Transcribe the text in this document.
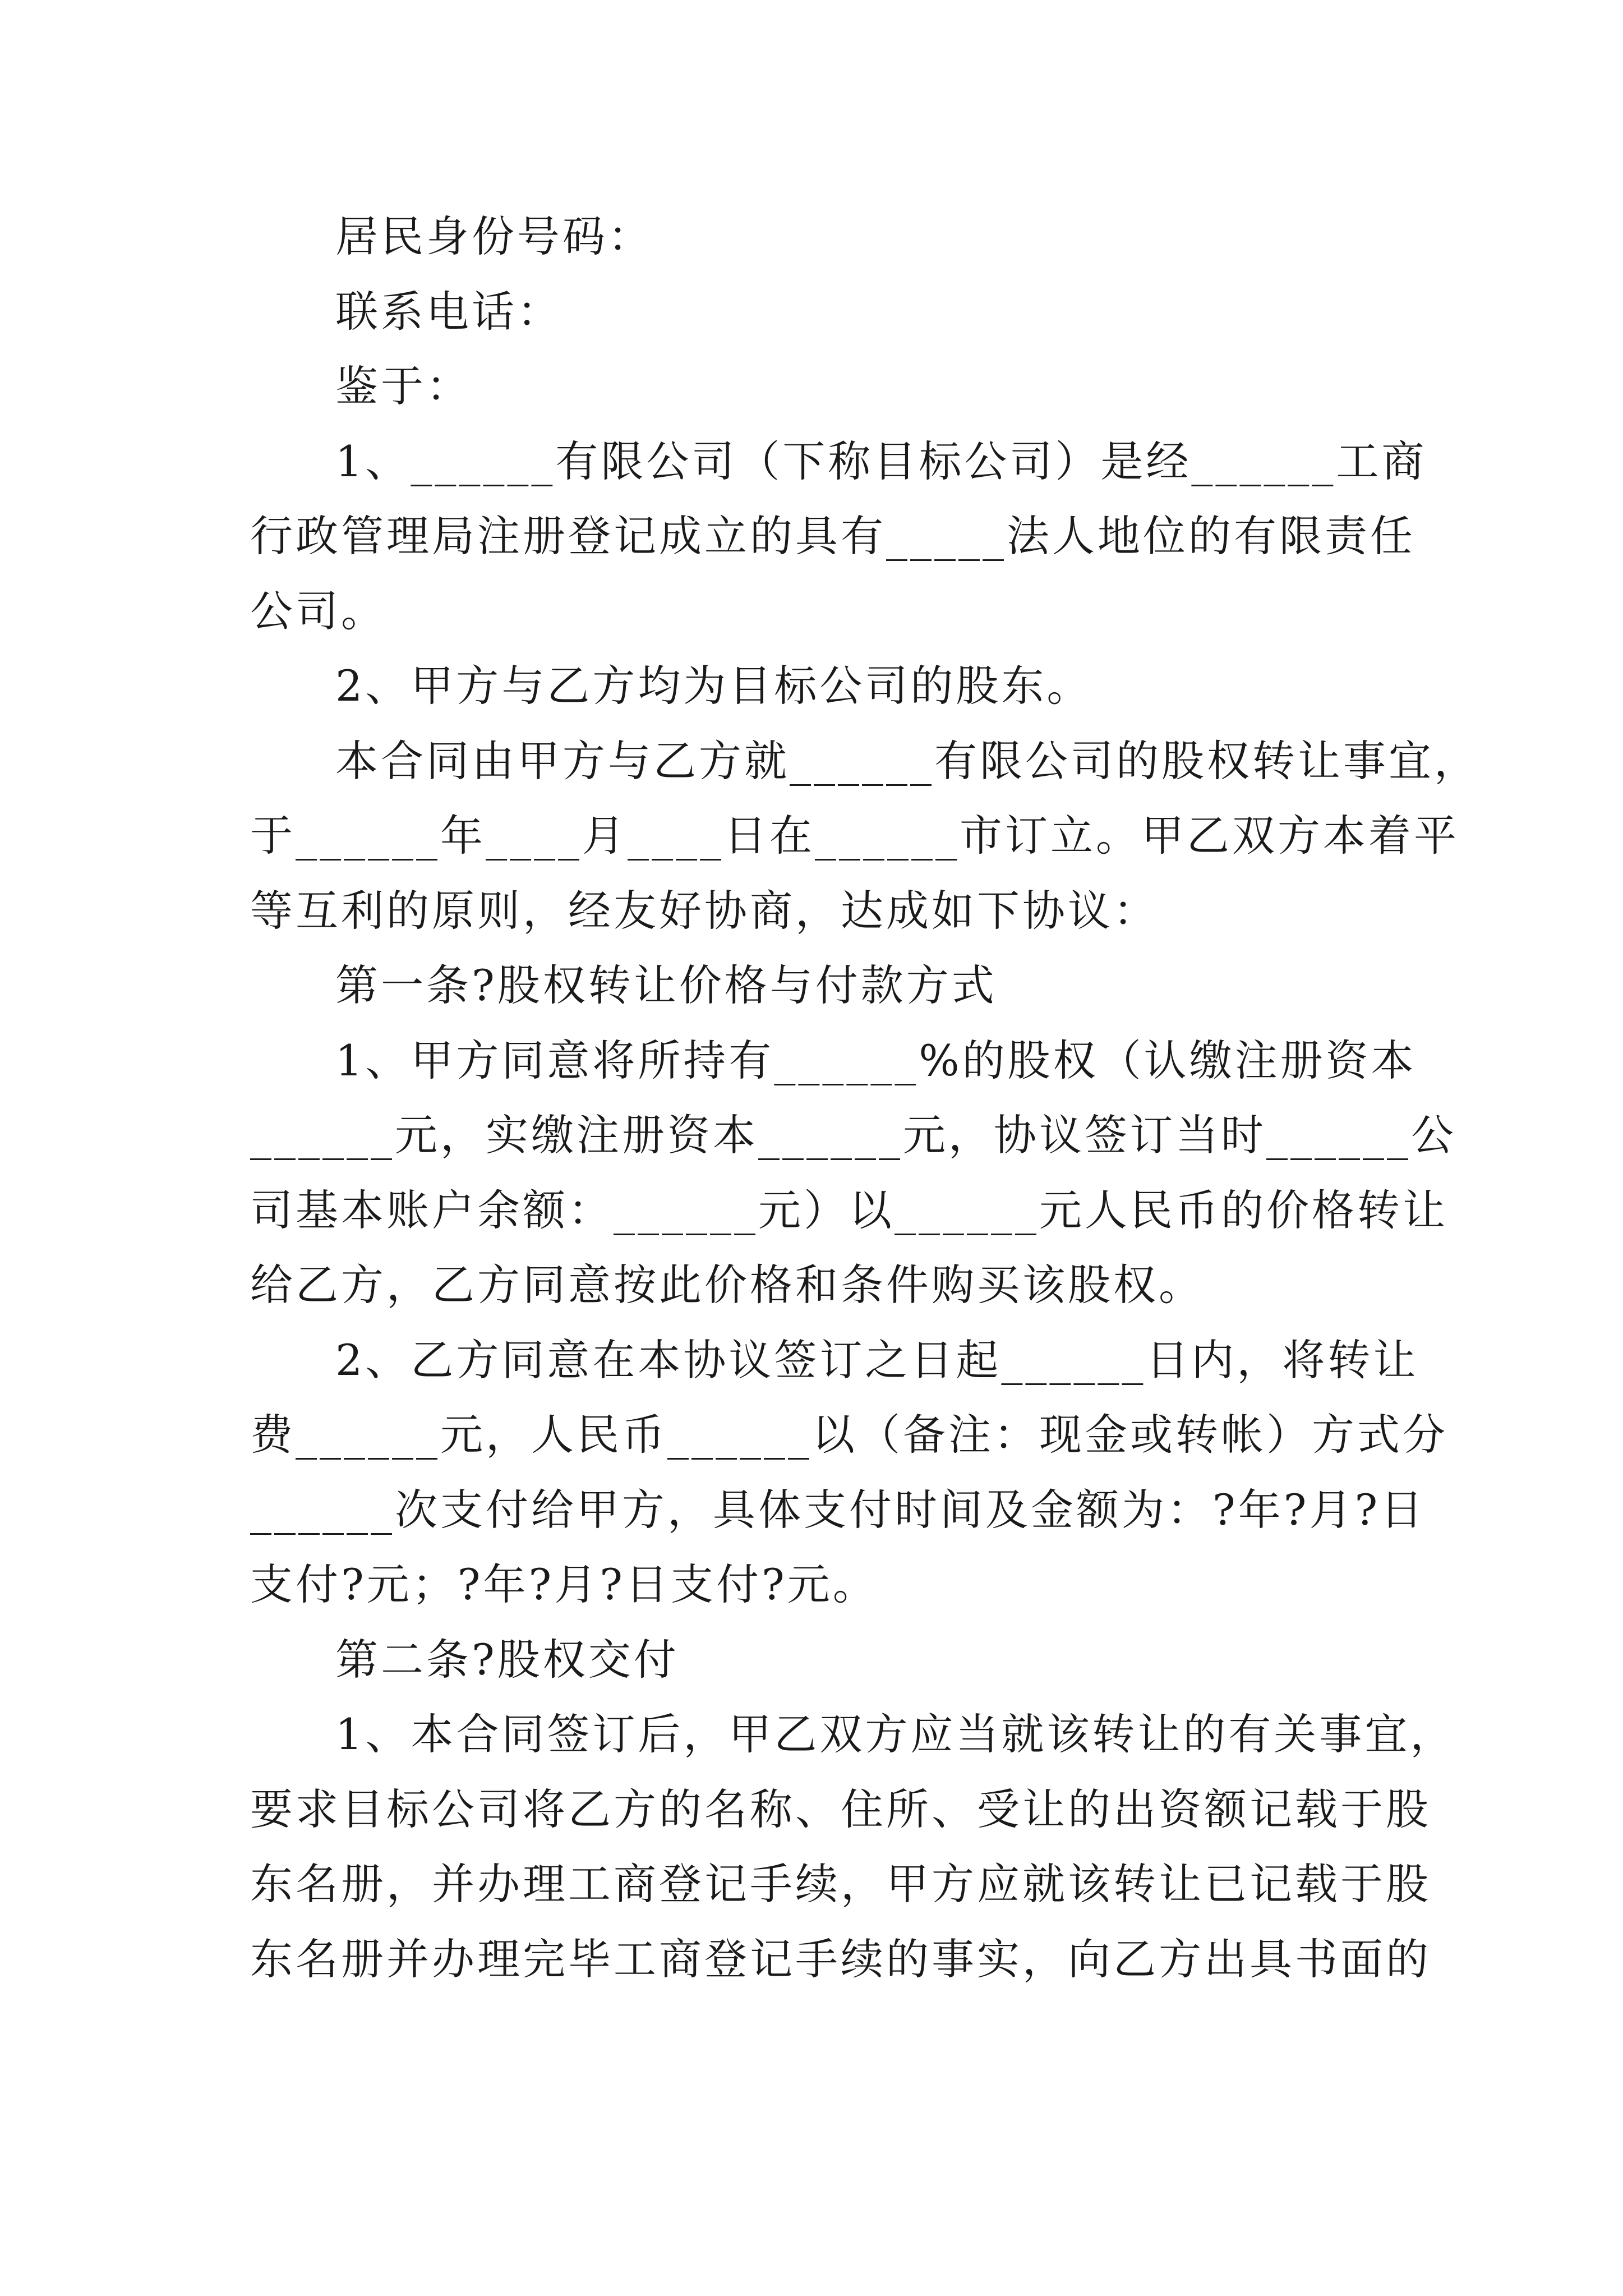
居民身份号码：
联系电话：
鉴于：
1、______有限公司（下称目标公司）是经______工商
行政管理局注册登记成立的具有_____法人地位的有限责任
公司。
2、甲方与乙方均为目标公司的股东。
本合同由甲方与乙方就______有限公司的股权转让事宜，
于______年____月____日在______市订立。甲乙双方本着平
等互利的原则，经友好协商，达成如下协议：
第一条?股权转让价格与付款方式
1、甲方同意将所持有______%的股权（认缴注册资本
______元，实缴注册资本______元，协议签订当时______公
司基本账户余额：______元）以______元人民币的价格转让
给乙方，乙方同意按此价格和条件购买该股权。
2、乙方同意在本协议签订之日起______日内，将转让
费______元，人民币______以（备注：现金或转帐）方式分
______次支付给甲方，具体支付时间及金额为：?年?月?日
支付?元；?年?月?日支付?元。
第二条?股权交付
1、本合同签订后，甲乙双方应当就该转让的有关事宜，
要求目标公司将乙方的名称、住所、受让的出资额记载于股
东名册，并办理工商登记手续，甲方应就该转让已记载于股
东名册并办理完毕工商登记手续的事实，向乙方出具书面的
